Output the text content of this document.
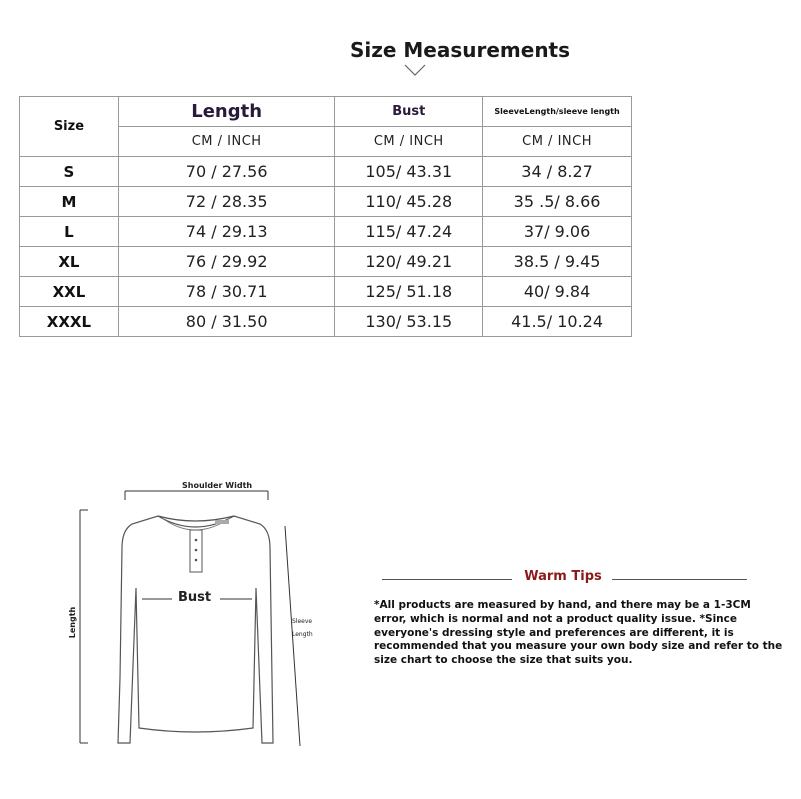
Size Measurements
Size	Length	Bust	SleeveLength/sleeve length
	CM / INCH	CM / INCH	CM / INCH
S	70 / 27.56	105/ 43.31	34 / 8.27
M	72 / 28.35	110/ 45.28	35 .5/ 8.66
L	74 / 29.13	115/ 47.24	37/ 9.06
XL	76 / 29.92	120/ 49.21	38.5 / 9.45
XXL	78 / 30.71	125/ 51.18	40/ 9.84
XXXL	80 / 31.50	130/ 53.15	41.5/ 10.24
Shoulder Width
Bust
Length	Sleeve
Length
Warm Tips
*All products are measured by hand, and there may be a 1-3CM error, which is normal and not a product quality issue. *Since everyone's dressing style and preferences are different, it is recommended that you measure your own body size and refer to the size chart to choose the size that suits you.
